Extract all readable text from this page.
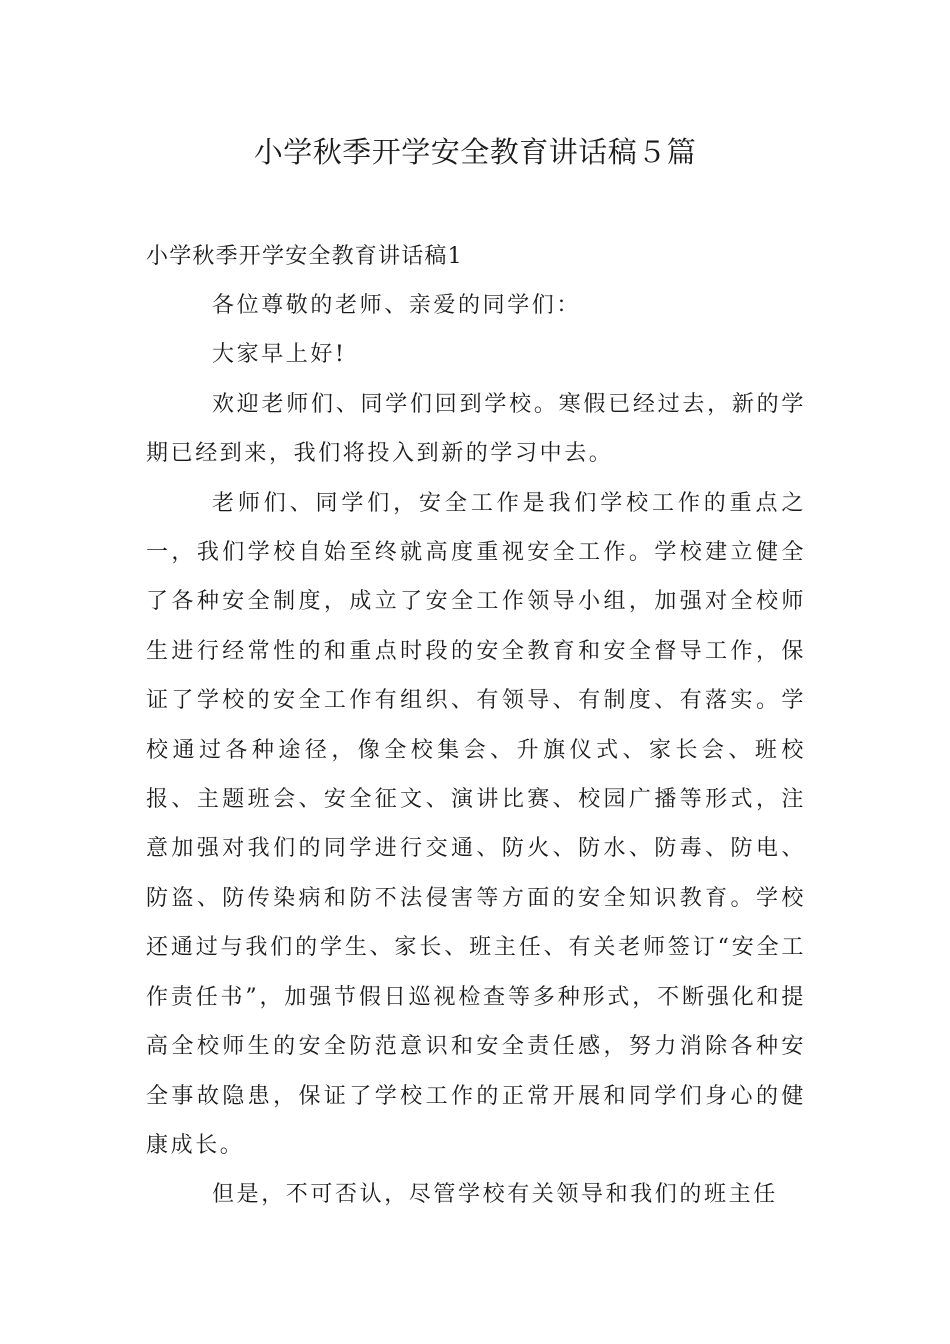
小学秋季开学安全教育讲话稿５篇

小学秋季开学安全教育讲话稿1

各位尊敬的老师、亲爱的同学们：

大家早上好!

欢迎老师们、同学们回到学校。寒假已经过去，新的学期已经到来，我们将投入到新的学习中去。

老师们、同学们，安全工作是我们学校工作的重点之一，我们学校自始至终就高度重视安全工作。学校建立健全了各种安全制度，成立了安全工作领导小组，加强对全校师生进行经常性的和重点时段的安全教育和安全督导工作，保证了学校的安全工作有组织、有领导、有制度、有落实。学校通过各种途径，像全校集会、升旗仪式、家长会、班校报、主题班会、安全征文、演讲比赛、校园广播等形式，注意加强对我们的同学进行交通、防火、防水、防毒、防电、防盗、防传染病和防不法侵害等方面的安全知识教育。学校还通过与我们的学生、家长、班主任、有关老师签订“安全工作责任书”，加强节假日巡视检查等多种形式，不断强化和提高全校师生的安全防范意识和安全责任感，努力消除各种安全事故隐患，保证了学校工作的正常开展和同学们身心的健康成长。

但是，不可否认，尽管学校有关领导和我们的班主任
